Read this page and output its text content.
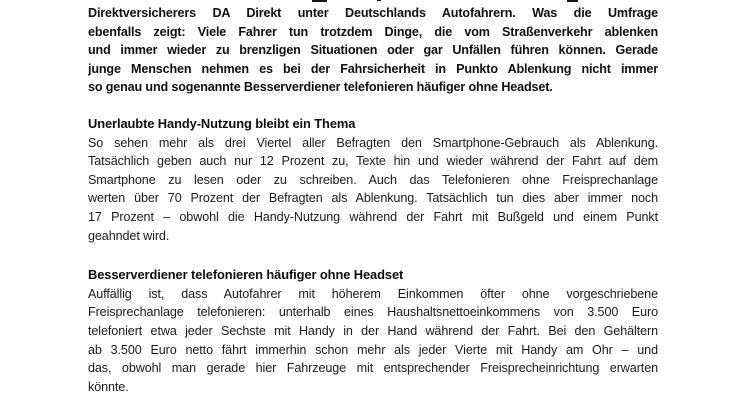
Direktversicherers DA Direkt unter Deutschlands Autofahrern. Was die Umfrage
ebenfalls zeigt: Viele Fahrer tun trotzdem Dinge, die vom Straßenverkehr ablenken
und immer wieder zu brenzligen Situationen oder gar Unfällen führen können. Gerade
junge Menschen nehmen es bei der Fahrsicherheit in Punkto Ablenkung nicht immer
so genau und sogenannte Besserverdiener telefonieren häufiger ohne Headset.
Unerlaubte Handy-Nutzung bleibt ein Thema
So sehen mehr als drei Viertel aller Befragten den Smartphone-Gebrauch als Ablenkung.
Tatsächlich geben auch nur 12 Prozent zu, Texte hin und wieder während der Fahrt auf dem
Smartphone zu lesen oder zu schreiben. Auch das Telefonieren ohne Freisprechanlage
werten über 70 Prozent der Befragten als Ablenkung. Tatsächlich tun dies aber immer noch
17 Prozent – obwohl die Handy-Nutzung während der Fahrt mit Bußgeld und einem Punkt
geahndet wird.
Besserverdiener telefonieren häufiger ohne Headset
Auffällig ist, dass Autofahrer mit höherem Einkommen öfter ohne vorgeschriebene
Freisprechanlage telefonieren: unterhalb eines Haushaltsnettoeinkommens von 3.500 Euro
telefoniert etwa jeder Sechste mit Handy in der Hand während der Fahrt. Bei den Gehältern
ab 3.500 Euro netto fährt immerhin schon mehr als jeder Vierte mit Handy am Ohr – und
das, obwohl man gerade hier Fahrzeuge mit entsprechender Freisprecheinrichtung erwarten
könnte.
